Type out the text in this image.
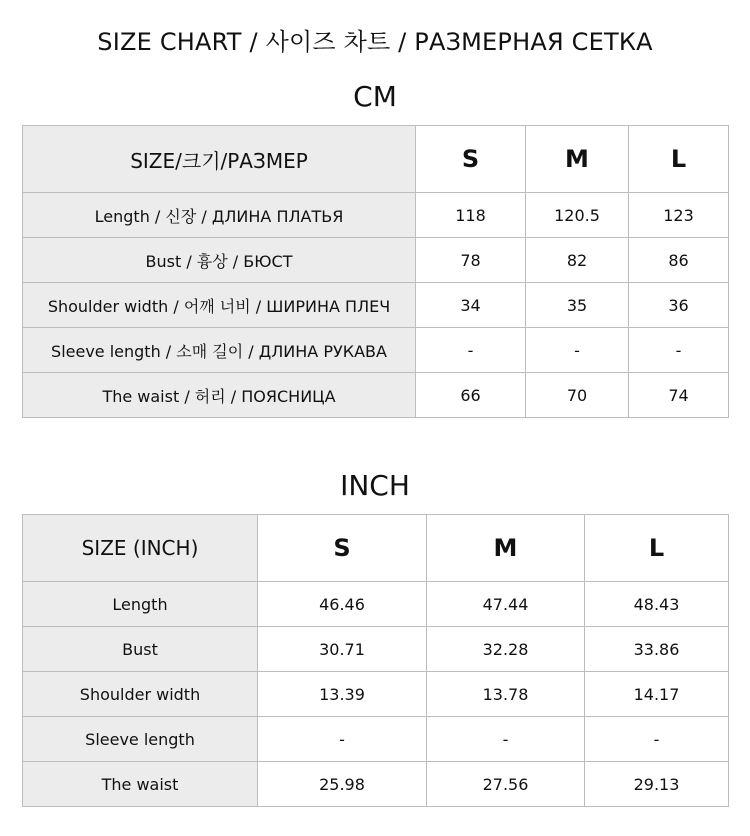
SIZE CHART / 사이즈 차트 / РАЗМЕРНАЯ СЕТКА
CM
SIZE/크기/РАЗМЕР	S	M	L
Length / 신장 / ДЛИНА ПЛАТЬЯ	118	120.5	123
Bust / 흉상 / БЮСТ	78	82	86
Shoulder width / 어깨 너비 / ШИРИНА ПЛЕЧ	34	35	36
Sleeve length / 소매 길이 / ДЛИНА РУКАВА	-	-	-
The waist / 허리 / ПОЯСНИЦА	66	70	74
INCH
SIZE (INCH)	S	M	L
Length	46.46	47.44	48.43
Bust	30.71	32.28	33.86
Shoulder width	13.39	13.78	14.17
Sleeve length	-	-	-
The waist	25.98	27.56	29.13
